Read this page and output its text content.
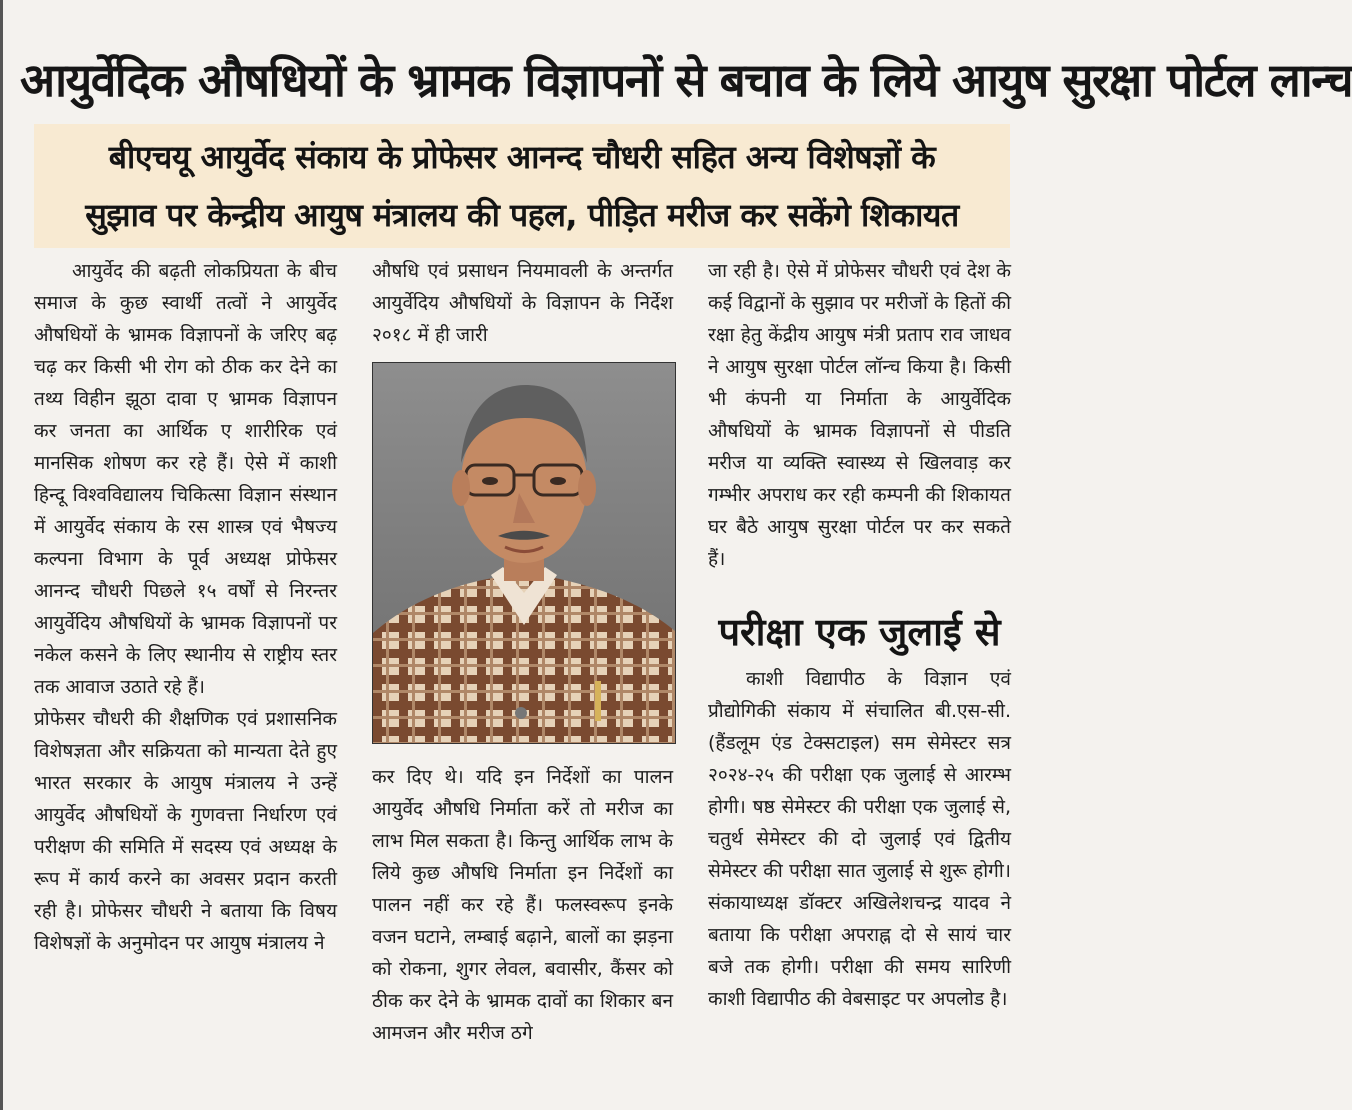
आयुर्वेदिक औषधियों के भ्रामक विज्ञापनों से बचाव के लिये आयुष सुरक्षा पोर्टल लान्च
बीएचयू आयुर्वेद संकाय के प्रोफेसर आनन्द चौधरी सहित अन्य विशेषज्ञों के
सुझाव पर केन्द्रीय आयुष मंत्रालय की पहल, पीड़ित मरीज कर सकेंगे शिकायत

आयुर्वेद की बढ़ती लोकप्रियता के बीच समाज के कुछ स्वार्थी तत्वों ने आयुर्वेद औषधियों के भ्रामक विज्ञापनों के जरिए बढ़ चढ़ कर किसी भी रोग को ठीक कर देने का तथ्य विहीन झूठा दावा ए भ्रामक विज्ञापन कर जनता का आर्थिक ए शारीरिक एवं मानसिक शोषण कर रहे हैं। ऐसे में काशी हिन्दू विश्वविद्यालय चिकित्सा विज्ञान संस्थान में आयुर्वेद संकाय के रस शास्त्र एवं भैषज्य कल्पना विभाग के पूर्व अध्यक्ष प्रोफेसर आनन्द चौधरी पिछले १५ वर्षों से निरन्तर आयुर्वेदिय औषधियों के भ्रामक विज्ञापनों पर नकेल कसने के लिए स्थानीय से राष्ट्रीय स्तर तक आवाज उठाते रहे हैं।

प्रोफेसर चौधरी की शैक्षणिक एवं प्रशासनिक विशेषज्ञता और सक्रियता को मान्यता देते हुए भारत सरकार के आयुष मंत्रालय ने उन्हें आयुर्वेद औषधियों के गुणवत्ता निर्धारण एवं परीक्षण की समिति में सदस्य एवं अध्यक्ष के रूप में कार्य करने का अवसर प्रदान करती रही है। प्रोफेसर चौधरी ने बताया कि विषय विशेषज्ञों के अनुमोदन पर आयुष मंत्रालय ने

औषधि एवं प्रसाधन नियमावली के अन्तर्गत आयुर्वेदिय औषधियों के विज्ञापन के निर्देश २०१८ में ही जारी

कर दिए थे। यदि इन निर्देशों का पालन आयुर्वेद औषधि निर्माता करें तो मरीज का लाभ मिल सकता है। किन्तु आर्थिक लाभ के लिये कुछ औषधि निर्माता इन निर्देशों का पालन नहीं कर रहे हैं। फलस्वरूप इनके वजन घटाने, लम्बाई बढ़ाने, बालों का झड़ना को रोकना, शुगर लेवल, बवासीर, कैंसर को ठीक कर देने के भ्रामक दावों का शिकार बन आमजन और मरीज ठगे

जा रही है। ऐसे में प्रोफेसर चौधरी एवं देश के कई विद्वानों के सुझाव पर मरीजों के हितों की रक्षा हेतु केंद्रीय आयुष मंत्री प्रताप राव जाधव ने आयुष सुरक्षा पोर्टल लॉन्च किया है। किसी भी कंपनी या निर्माता के आयुर्वेदिक औषधियों के भ्रामक विज्ञापनों से पीडति मरीज या व्यक्ति स्वास्थ्य से खिलवाड़ कर गम्भीर अपराध कर रही कम्पनी की शिकायत घर बैठे आयुष सुरक्षा पोर्टल पर कर सकते हैं।

परीक्षा एक जुलाई से

काशी विद्यापीठ के विज्ञान एवं प्रौद्योगिकी संकाय में संचालित बी.एस-सी. (हैंडलूम एंड टेक्सटाइल) सम सेमेस्टर सत्र २०२४-२५ की परीक्षा एक जुलाई से आरम्भ होगी। षष्ठ सेमेस्टर की परीक्षा एक जुलाई से, चतुर्थ सेमेस्टर की दो जुलाई एवं द्वितीय सेमेस्टर की परीक्षा सात जुलाई से शुरू होगी। संकायाध्यक्ष डॉक्टर अखिलेशचन्द्र यादव ने बताया कि परीक्षा अपराह्न दो से सायं चार बजे तक होगी। परीक्षा की समय सारिणी काशी विद्यापीठ की वेबसाइट पर अपलोड है।
